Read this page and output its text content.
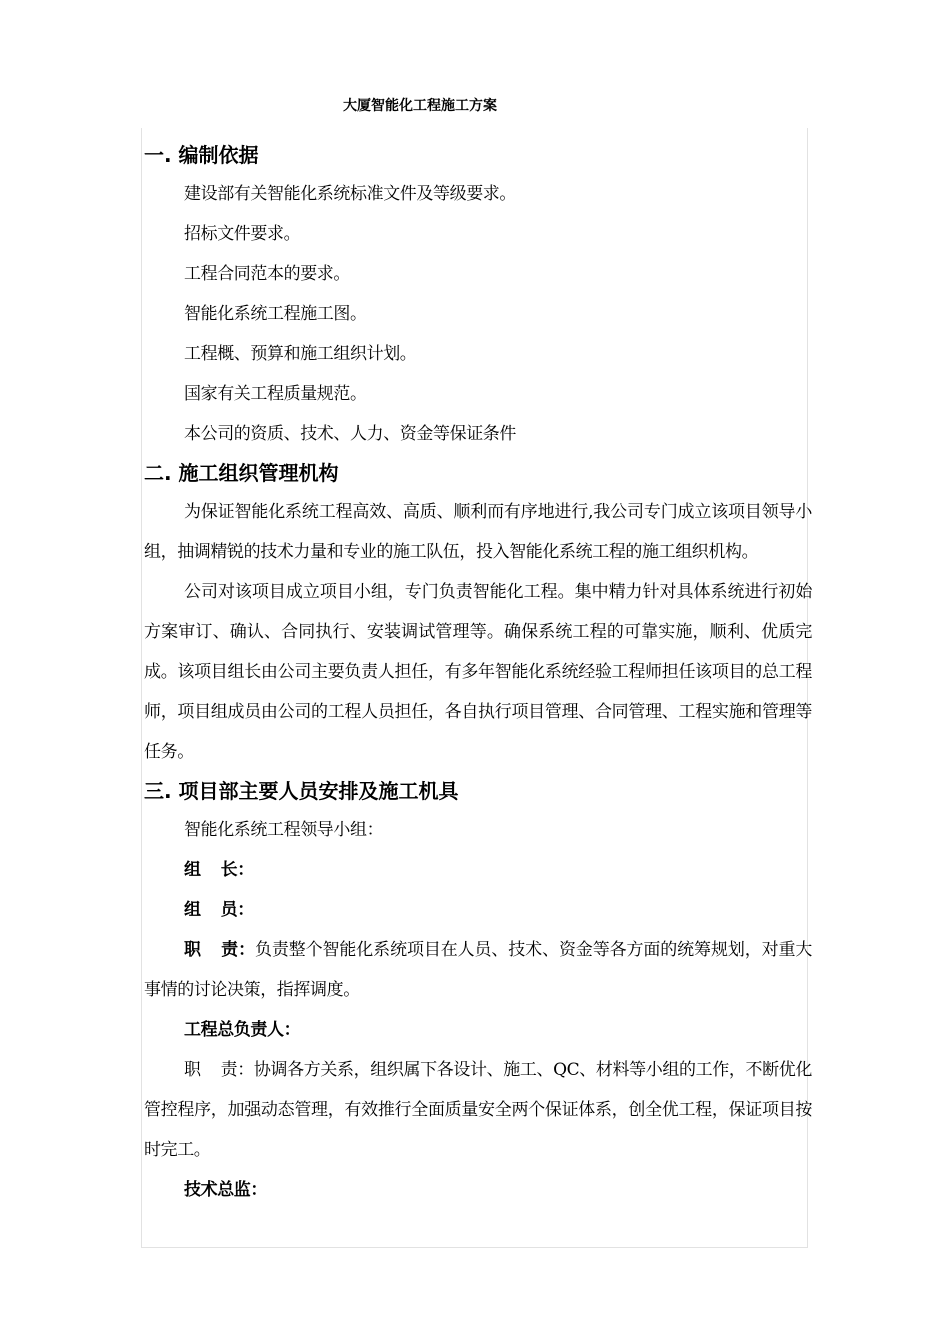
大厦智能化工程施工方案
一. 编制依据

建设部有关智能化系统标准文件及等级要求。

招标文件要求。

工程合同范本的要求。

智能化系统工程施工图。

工程概、预算和施工组织计划。

国家有关工程质量规范。

本公司的资质、技术、人力、资金等保证条件

二. 施工组织管理机构

为保证智能化系统工程高效、高质、顺利而有序地进行,我公司专门成立该项目领导小组，抽调精锐的技术力量和专业的施工队伍，投入智能化系统工程的施工组织机构。

公司对该项目成立项目小组，专门负责智能化工程。集中精力针对具体系统进行初始方案审订、确认、合同执行、安装调试管理等。确保系统工程的可靠实施，顺利、优质完成。该项目组长由公司主要负责人担任，有多年智能化系统经验工程师担任该项目的总工程师，项目组成员由公司的工程人员担任，各自执行项目管理、合同管理、工程实施和管理等任务。

三. 项目部主要人员安排及施工机具

智能化系统工程领导小组：

组 长：

组 员：

职 责：负责整个智能化系统项目在人员、技术、资金等各方面的统筹规划，对重大事情的讨论决策，指挥调度。

工程总负责人：

职 责：协调各方关系，组织属下各设计、施工、QC、材料等小组的工作，不断优化管控程序，加强动态管理，有效推行全面质量安全两个保证体系，创全优工程，保证项目按时完工。

技术总监：
